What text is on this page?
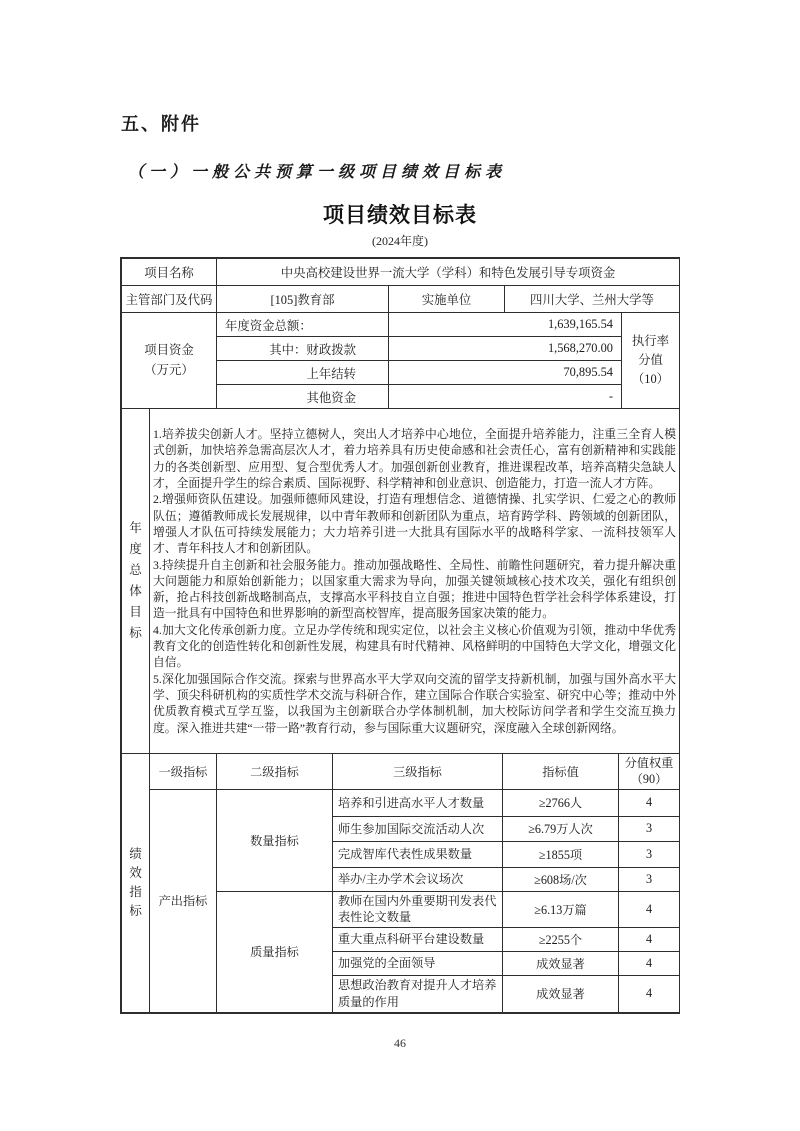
五、附件
（一）一般公共预算一级项目绩效目标表
项目绩效目标表
(2024年度)
项目名称	中央高校建设世界一流大学（学科）和特色发展引导专项资金		
主管部门及代码	[105]教育部	实施单位	四川大学、兰州大学等
项目资金
（万元）
	年度资金总额：	1,639,165.54	
执行率
分值（10）

	其中：财政拨款	1,568,270.00	
	上年结转	70,895.54	
	其他资金	-	
年度总体目标

1.培养拔尖创新人才。坚持立德树人，突出人才培养中心地位，全面提升培养能力，注重三全育人模式创新，加快培养急需高层次人才，着力培养具有历史使命感和社会责任心，富有创新精神和实践能力的各类创新型、应用型、复合型优秀人才。加强创新创业教育，推进课程改革，培养高精尖急缺人才，全面提升学生的综合素质、国际视野、科学精神和创业意识、创造能力，打造一流人才方阵。

2.增强师资队伍建设。加强师德师风建设，打造有理想信念、道德情操、扎实学识、仁爱之心的教师队伍；遵循教师成长发展规律，以中青年教师和创新团队为重点，培育跨学科、跨领域的创新团队，增强人才队伍可持续发展能力；大力培养引进一大批具有国际水平的战略科学家、一流科技领军人才、青年科技人才和创新团队。

3.持续提升自主创新和社会服务能力。推动加强战略性、全局性、前瞻性问题研究，着力提升解决重大问题能力和原始创新能力；以国家重大需求为导向，加强关键领域核心技术攻关，强化有组织创新，抢占科技创新战略制高点，支撑高水平科技自立自强；推进中国特色哲学社会科学体系建设，打造一批具有中国特色和世界影响的新型高校智库，提高服务国家决策的能力。

4.加大文化传承创新力度。立足办学传统和现实定位，以社会主义核心价值观为引领，推动中华优秀教育文化的创造性转化和创新性发展，构建具有时代精神、风格鲜明的中国特色大学文化，增强文化自信。

5.深化加强国际合作交流。探索与世界高水平大学双向交流的留学支持新机制，加强与国外高水平大学、顶尖科研机构的实质性学术交流与科研合作，建立国际合作联合实验室、研究中心等；推动中外优质教育模式互学互鉴，以我国为主创新联合办学体制机制，加大校际访问学者和学生交流互换力度。深入推进共建“一带一路”教育行动，参与国际重大议题研究，深度融入全球创新网络。

绩效指标	一级指标	二级指标	三级指标	指标值	分值权重
（90）

	产出指标	数量指标	培养和引进高水平人才数量	≥2766人	4
			师生参加国际交流活动人次	≥6.79万人次	3
			完成智库代表性成果数量	≥1855项	3
			举办/主办学术会议场次	≥608场/次	3
		质量指标	教师在国内外重要期刊发表代表性论文数量	≥6.13万篇	4
			重大重点科研平台建设数量	≥2255个	4
			加强党的全面领导	成效显著	4
			思想政治教育对提升人才培养质量的作用	成效显著	4
46
